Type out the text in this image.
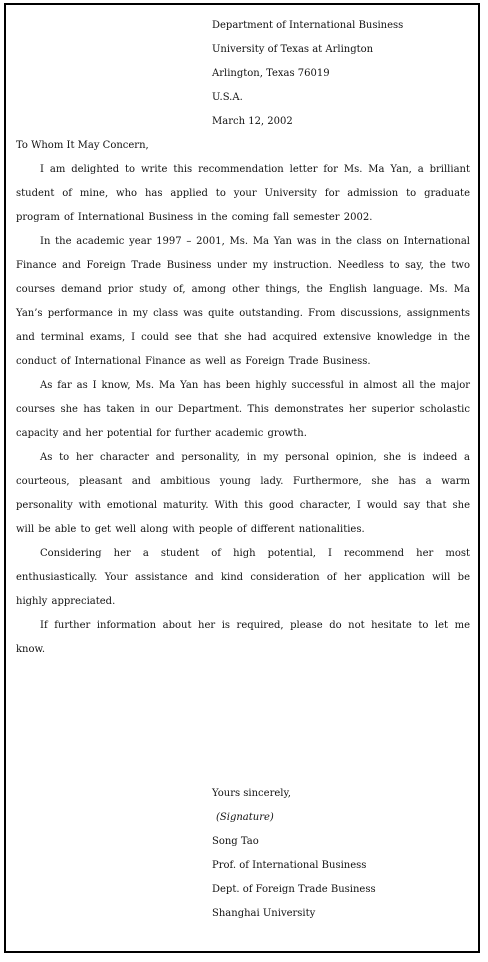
Department of International Business
University of Texas at Arlington
Arlington, Texas 76019
U.S.A.
March 12, 2002

To Whom It May Concern,

I am delighted to write this recommendation letter for Ms. Ma Yan, a brilliant student of mine, who has applied to your University for admission to graduate program of International Business in the coming fall semester 2002.

In the academic year 1997 – 2001, Ms. Ma Yan was in the class on International Finance and Foreign Trade Business under my instruction. Needless to say, the two courses demand prior study of, among other things, the English language. Ms. Ma Yan’s performance in my class was quite outstanding. From discussions, assignments and terminal exams, I could see that she had acquired extensive knowledge in the conduct of International Finance as well as Foreign Trade Business.

As far as I know, Ms. Ma Yan has been highly successful in almost all the major courses she has taken in our Department. This demonstrates her superior scholastic capacity and her potential for further academic growth.

As to her character and personality, in my personal opinion, she is indeed a courteous, pleasant and ambitious young lady. Furthermore, she has a warm personality with emotional maturity. With this good character, I would say that she will be able to get well along with people of different nationalities.

Considering her a student of high potential, I recommend her most enthusiastically. Your assistance and kind consideration of her application will be highly appreciated.

If further information about her is required, please do not hesitate to let me know.

Yours sincerely,
(Signature)
Song Tao
Prof. of International Business
Dept. of Foreign Trade Business
Shanghai University
